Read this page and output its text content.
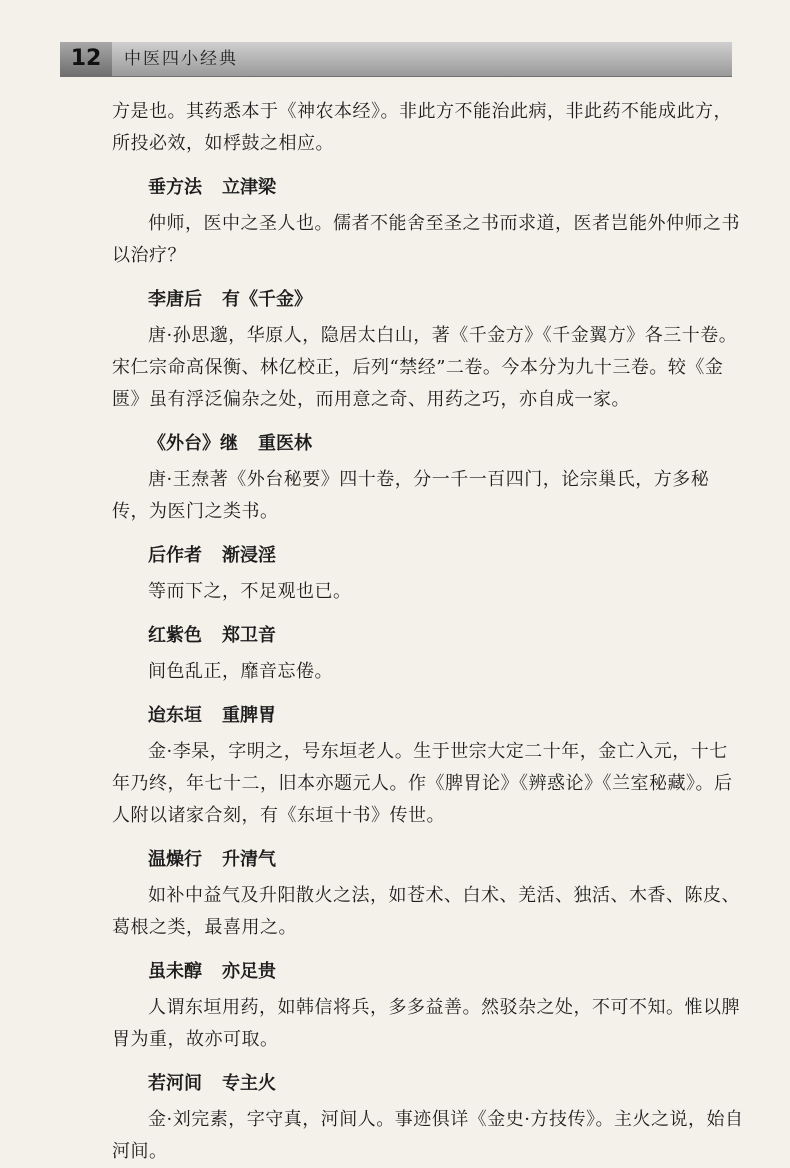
12	中医四小经典

方是也。其药悉本于《神农本经》。非此方不能治此病，非此药不能成此方，所投必效，如桴鼓之相应。

垂方法 立津梁

仲师，医中之圣人也。儒者不能舍至圣之书而求道，医者岂能外仲师之书以治疗？

李唐后 有《千金》

唐·孙思邈，华原人，隐居太白山，著《千金方》《千金翼方》各三十卷。宋仁宗命高保衡、林亿校正，后列“禁经”二卷。今本分为九十三卷。较《金匮》虽有浮泛偏杂之处，而用意之奇、用药之巧，亦自成一家。

《外台》继 重医林

唐·王焘著《外台秘要》四十卷，分一千一百四门，论宗巢氏，方多秘传，为医门之类书。

后作者 渐浸淫

等而下之，不足观也已。

红紫色 郑卫音

间色乱正，靡音忘倦。

迨东垣 重脾胃

金·李杲，字明之，号东垣老人。生于世宗大定二十年，金亡入元，十七年乃终，年七十二，旧本亦题元人。作《脾胃论》《辨惑论》《兰室秘藏》。后人附以诸家合刻，有《东垣十书》传世。

温燥行 升清气

如补中益气及升阳散火之法，如苍术、白术、羌活、独活、木香、陈皮、葛根之类，最喜用之。

虽未醇 亦足贵

人谓东垣用药，如韩信将兵，多多益善。然驳杂之处，不可不知。惟以脾胃为重，故亦可取。

若河间 专主火

金·刘完素，字守真，河间人。事迹俱详《金史·方技传》。主火之说，始自河间。
